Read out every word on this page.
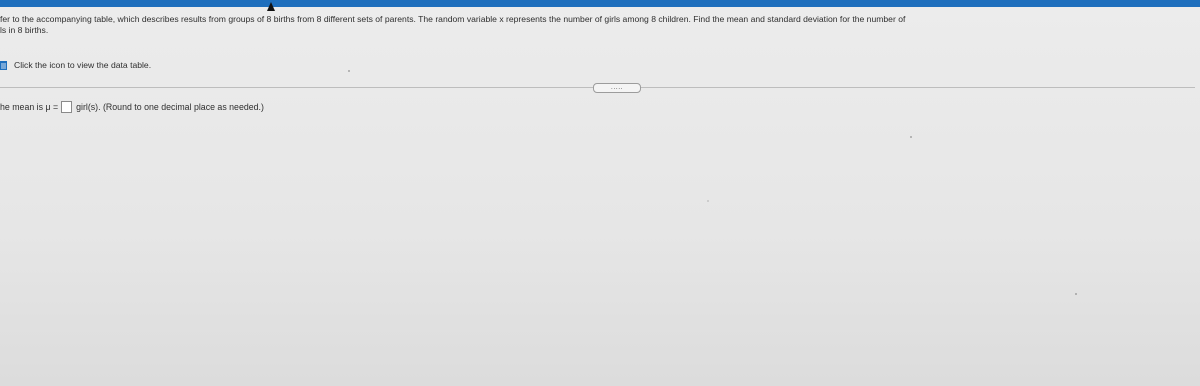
fer to the accompanying table, which describes results from groups of 8 births from 8 different sets of parents. The random variable x represents the number of girls among 8 children. Find the mean and standard deviation for the number of
ls in 8 births.
Click the icon to view the data table.
.....
he mean is μ = girl(s). (Round to one decimal place as needed.)
